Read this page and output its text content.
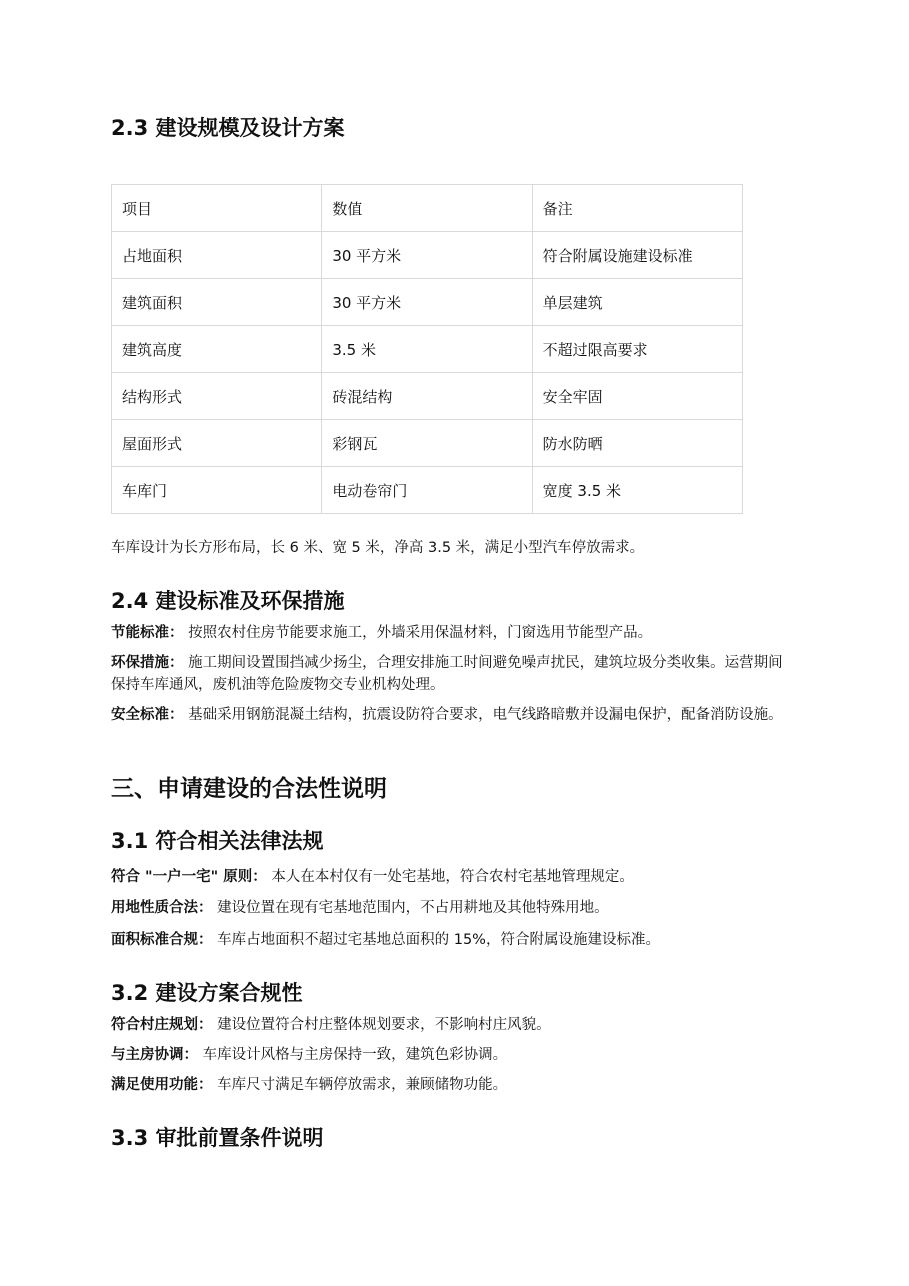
2.3 建设规模及设计方案
项目	数值	备注
占地面积	30 平方米	符合附属设施建设标准
建筑面积	30 平方米	单层建筑
建筑高度	3.5 米	不超过限高要求
结构形式	砖混结构	安全牢固
屋面形式	彩钢瓦	防水防晒
车库门	电动卷帘门	宽度 3.5 米

车库设计为长方形布局，长 6 米、宽 5 米，净高 3.5 米，满足小型汽车停放需求。

2.4 建设标准及环保措施

节能标准： 按照农村住房节能要求施工，外墙采用保温材料，门窗选用节能型产品。

环保措施： 施工期间设置围挡减少扬尘，合理安排施工时间避免噪声扰民，建筑垃圾分类收集。运营期间保持车库通风，废机油等危险废物交专业机构处理。

安全标准： 基础采用钢筋混凝土结构，抗震设防符合要求，电气线路暗敷并设漏电保护，配备消防设施。

三、申请建设的合法性说明
3.1 符合相关法律法规

符合 "一户一宅" 原则： 本人在本村仅有一处宅基地，符合农村宅基地管理规定。

用地性质合法： 建设位置在现有宅基地范围内，不占用耕地及其他特殊用地。

面积标准合规： 车库占地面积不超过宅基地总面积的 15%，符合附属设施建设标准。

3.2 建设方案合规性

符合村庄规划： 建设位置符合村庄整体规划要求，不影响村庄风貌。

与主房协调： 车库设计风格与主房保持一致，建筑色彩协调。

满足使用功能： 车库尺寸满足车辆停放需求，兼顾储物功能。

3.3 审批前置条件说明
